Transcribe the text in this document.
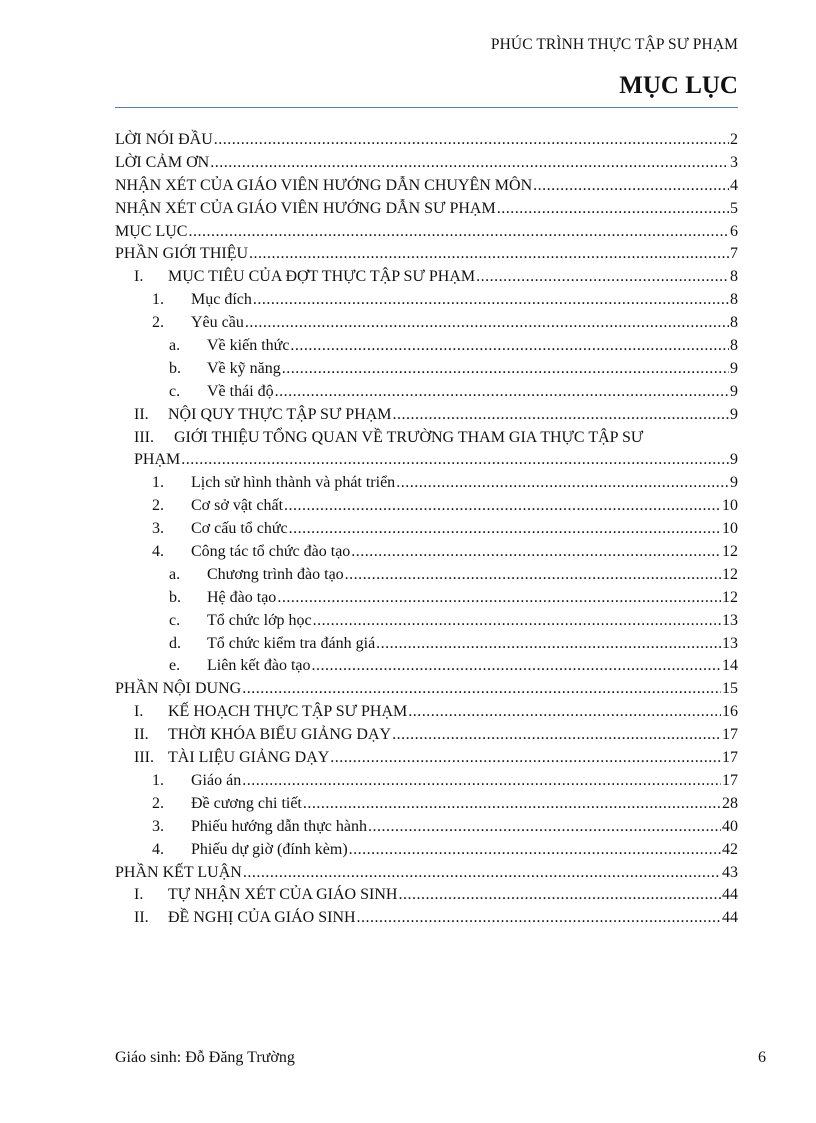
PHÚC TRÌNH THỰC TẬP SƯ PHẠM
MỤC LỤC
LỜI NÓI ĐẦU .....	2
LỜI CẢM ƠN .....	3
NHẬN XÉT CỦA GIÁO VIÊN HƯỚNG DẪN CHUYÊN MÔN .....	4
NHẬN XÉT CỦA GIÁO VIÊN HƯỚNG DẪN SƯ PHẠM .....	5
MỤC LỤC .....	6
PHẦN GIỚI THIỆU .....	7
I.	MỤC TIÊU CỦA ĐỢT THỰC TẬP SƯ PHẠM .....	8
1.	Mục đích .....	8
2.	Yêu cầu .....	8
a.	Về kiến thức .....	8
b.	Về kỹ năng .....	9
c.	Về thái độ .....	9
II.	NỘI QUY THỰC TẬP SƯ PHẠM .....	9
III. GIỚI THIỆU TỔNG QUAN VỀ TRƯỜNG THAM GIA THỰC TẬP SƯ
PHẠM .....	9
1.	Lịch sử hình thành và phát triển .....	9
2.	Cơ sở vật chất .....	10
3.	Cơ cấu tổ chức .....	10
4.	Công tác tổ chức đào tạo .....	12
a.	Chương trình đào tạo .....	12
b.	Hệ đào tạo .....	12
c.	Tổ chức lớp học .....	13
d.	Tổ chức kiểm tra đánh giá .....	13
e.	Liên kết đào tạo .....	14
PHẦN NỘI DUNG .....	15
I.	KẾ HOẠCH THỰC TẬP SƯ PHẠM .....	16
II.	THỜI KHÓA BIỂU GIẢNG DẠY .....	17
III. TÀI LIỆU GIẢNG DẠY .....	17
1.	Giáo án .....	17
2.	Đề cương chi tiết .....	28
3.	Phiếu hướng dẫn thực hành .....	40
4.	Phiếu dự giờ (đính kèm) .....	42
PHẦN KẾT LUẬN .....	43
I.	TỰ NHẬN XÉT CỦA GIÁO SINH .....	44
II.	ĐỀ NGHỊ CỦA GIÁO SINH .....	44
Giáo sinh: Đỗ Đăng Trường	6
